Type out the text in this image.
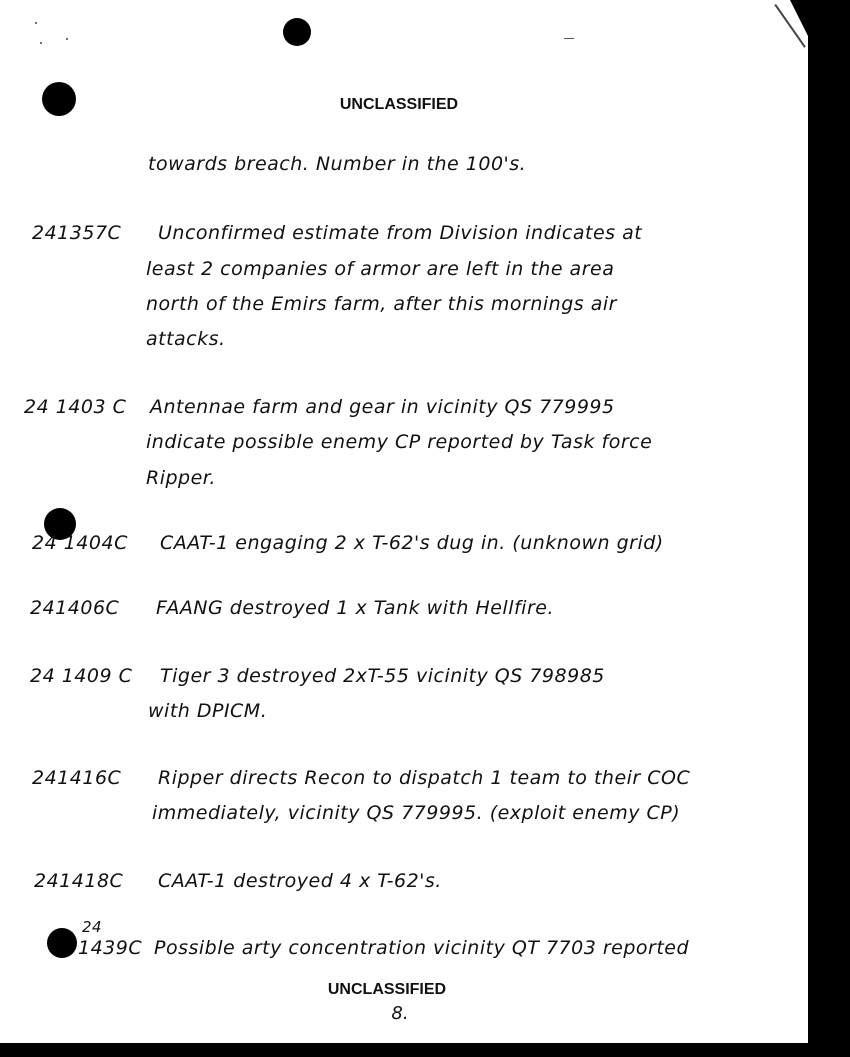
UNCLASSIFIED
towards breach. Number in the 100's.
241357C Unconfirmed estimate from Division indicates at
least 2 companies of armor are left in the area
north of the Emirs farm, after this mornings air
attacks.
24 1403 C Antennae farm and gear in vicinity QS 779995
indicate possible enemy CP reported by Task force
Ripper.
24 1404C CAAT-1 engaging 2 x T-62's dug in. (unknown grid)
241406C FAANG destroyed 1 x Tank with Hellfire.
24 1409 C Tiger 3 destroyed 2xT-55 vicinity QS 798985
with DPICM.
241416C Ripper directs Recon to dispatch 1 team to their COC
immediately, vicinity QS 779995. (exploit enemy CP)
241418C CAAT-1 destroyed 4 x T-62's.
24
1439C Possible arty concentration vicinity QT 7703 reported
UNCLASSIFIED
8.
